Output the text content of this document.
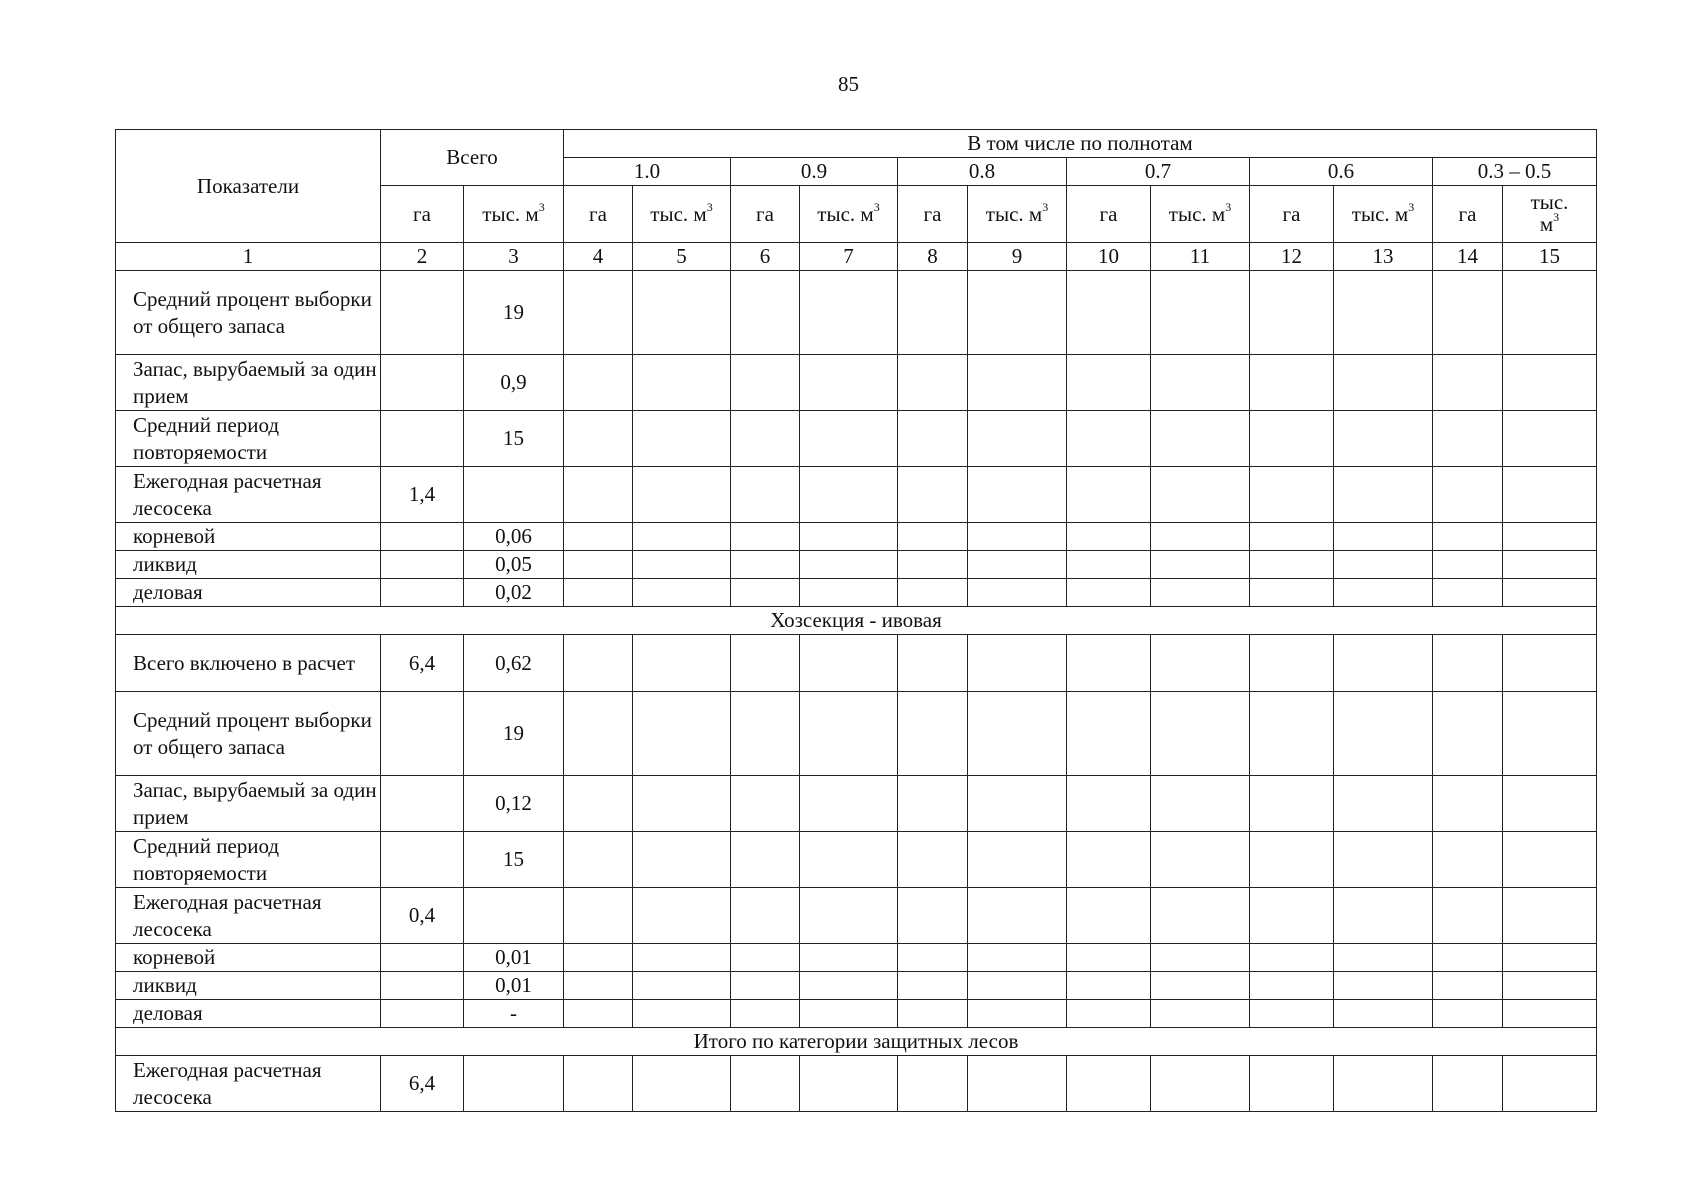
85
Показатели	Всего		В том числе по полнотам											
			1.0		0.9		0.8		0.7		0.6		0.3 – 0.5	
	га	тыс. $м^3$	га	тыс. $м^3$	га	тыс. $м^3$	га	тыс. $м^3$	га	тыс. $м^3$	га	тыс. $м^3$	га	тыс.
$м^3$
1	2	3	4	5	6	7	8	9	10	11	12	13	14	15
Средний процент выборки от общего запаса		19												
Запас, вырубаемый за один прием		0,9												
Средний период повторяемости		15												
Ежегодная расчетная лесосека	1,4													
корневой		0,06												
ликвид		0,05												
деловая		0,02												
Хозсекция - ивовая														
Всего включено в расчет	6,4	0,62												
Средний процент выборки от общего запаса		19												
Запас, вырубаемый за один прием		0,12												
Средний период повторяемости		15												
Ежегодная расчетная лесосека	0,4													
корневой		0,01												
ликвид		0,01												
деловая		-												
Итого по категории защитных лесов														
Ежегодная расчетная лесосека	6,4													
